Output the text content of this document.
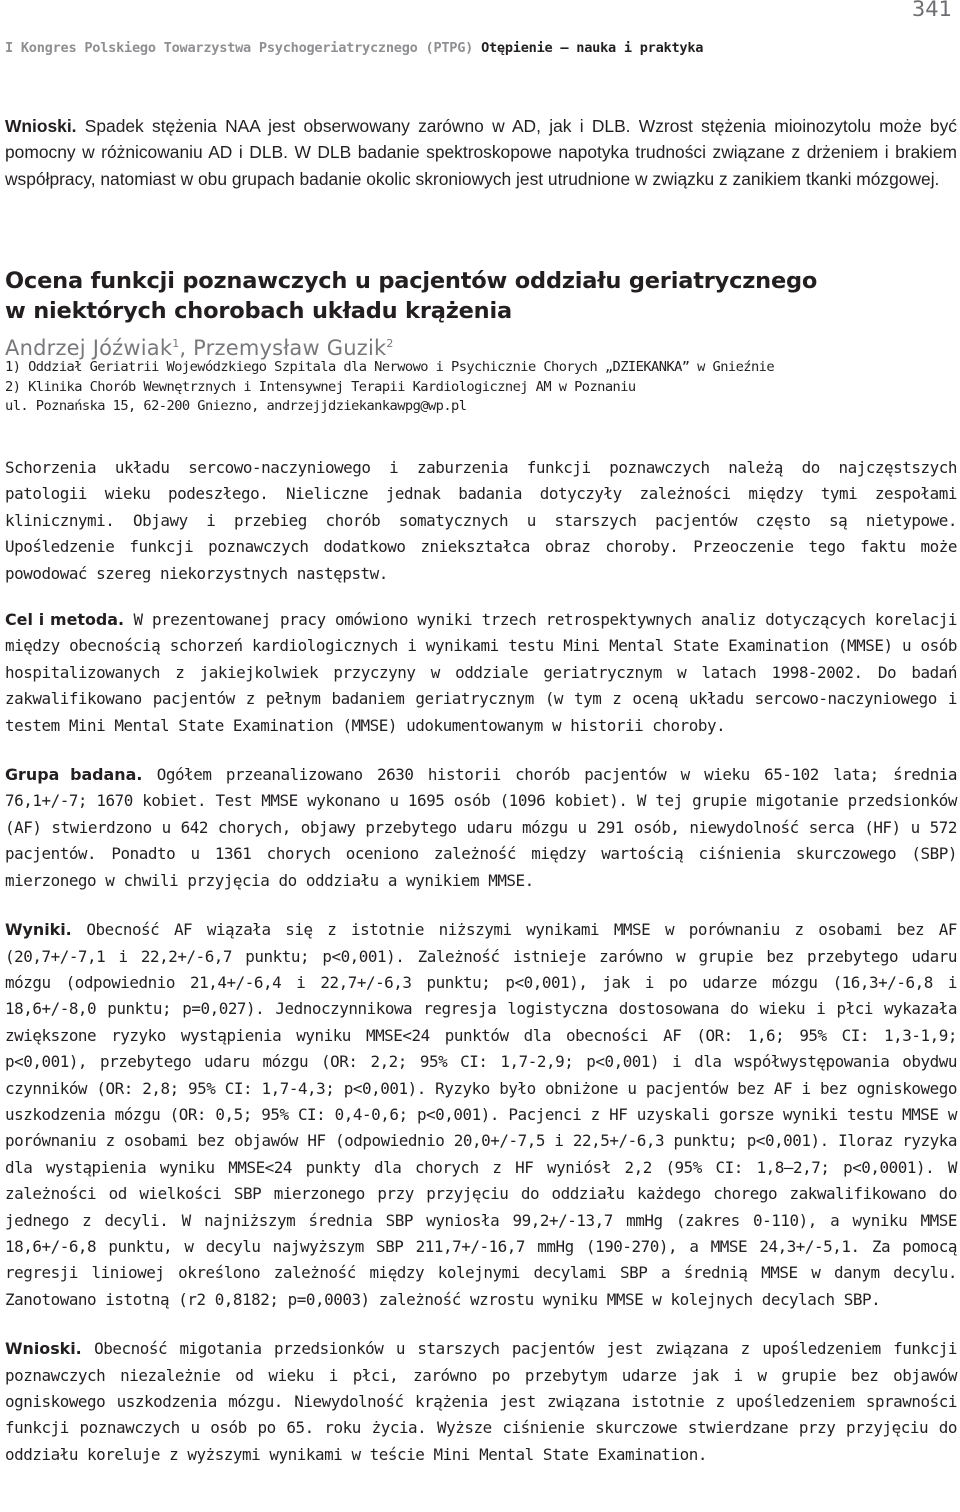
341
I Kongres Polskiego Towarzystwa Psychogeriatrycznego (PTPG) Otępienie – nauka i praktyka
Wnioski. Spadek stężenia NAA jest obserwowany zarówno w AD, jak i DLB. Wzrost stężenia mioinozytolu może być pomocny w różnicowaniu AD i DLB. W DLB badanie spektroskopowe napotyka trudności związane z drżeniem i brakiem współpracy, natomiast w obu grupach badanie okolic skroniowych jest utrudnione w związku z zanikiem tkanki mózgowej.
Ocena funkcji poznawczych u pacjentów oddziału geriatrycznego
w niektórych chorobach układu krążenia
Andrzej Jóźwiak$^1$, Przemysław Guzik$^2$
1) Oddział Geriatrii Wojewódzkiego Szpitala dla Nerwowo i Psychicznie Chorych „DZIEKANKA” w Gnieźnie
2) Klinika Chorób Wewnętrznych i Intensywnej Terapii Kardiologicznej AM w Poznaniu
ul. Poznańska 15, 62-200 Gniezno, andrzejjdziekankawpg@wp.pl

Schorzenia układu sercowo-naczyniowego i zaburzenia funkcji poznawczych należą do najczęstszych patologii wieku podeszłego. Nieliczne jednak badania dotyczyły zależności między tymi zespołami klinicznymi. Objawy i przebieg chorób somatycznych u starszych pacjentów często są nietypowe. Upośledzenie funkcji poznawczych dodatkowo zniekształca obraz choroby. Przeoczenie tego faktu może powodować szereg niekorzystnych następstw.

Cel i metoda. W prezentowanej pracy omówiono wyniki trzech retrospektywnych analiz dotyczących korelacji między obecnością schorzeń kardiologicznych i wynikami testu Mini Mental State Examination (MMSE) u osób hospitalizowanych z jakiejkolwiek przyczyny w oddziale geriatrycznym w latach 1998-2002. Do badań zakwalifikowano pacjentów z pełnym badaniem geriatrycznym (w tym z oceną układu sercowo-naczyniowego i testem Mini Mental State Examination (MMSE) udokumentowanym w historii choroby.

Grupa badana. Ogółem przeanalizowano 2630 historii chorób pacjentów w wieku 65-102 lata; średnia 76,1+/-7; 1670 kobiet. Test MMSE wykonano u 1695 osób (1096 kobiet). W tej grupie migotanie przedsionków (AF) stwierdzono u 642 chorych, objawy przebytego udaru mózgu u 291 osób, niewydolność serca (HF) u 572 pacjentów. Ponadto u 1361 chorych oceniono zależność między wartością ciśnienia skurczowego (SBP) mierzonego w chwili przyjęcia do oddziału a wynikiem MMSE.

Wyniki. Obecność AF wiązała się z istotnie niższymi wynikami MMSE w porównaniu z osobami bez AF (20,7+/-7,1 i 22,2+/-6,7 punktu; p<0,001). Zależność istnieje zarówno w grupie bez przebytego udaru mózgu (odpowiednio 21,4+/-6,4 i 22,7+/-6,3 punktu; p<0,001), jak i po udarze mózgu (16,3+/-6,8 i 18,6+/-8,0 punktu; p=0,027). Jednoczynnikowa regresja logistyczna dostosowana do wieku i płci wykazała zwiększone ryzyko wystąpienia wyniku MMSE<24 punktów dla obecności AF (OR: 1,6; 95% CI: 1,3-1,9; p<0,001), przebytego udaru mózgu (OR: 2,2; 95% CI: 1,7-2,9; p<0,001) i dla współwystępowania obydwu czynników (OR: 2,8; 95% CI: 1,7-4,3; p<0,001). Ryzyko było obniżone u pacjentów bez AF i bez ogniskowego uszkodzenia mózgu (OR: 0,5; 95% CI: 0,4-0,6; p<0,001). Pacjenci z HF uzyskali gorsze wyniki testu MMSE w porównaniu z osobami bez objawów HF (odpowiednio 20,0+/-7,5 i 22,5+/-6,3 punktu; p<0,001). Iloraz ryzyka dla wystąpienia wyniku MMSE<24 punkty dla chorych z HF wyniósł 2,2 (95% CI: 1,8–2,7; p<0,0001). W zależności od wielkości SBP mierzonego przy przyjęciu do oddziału każdego chorego zakwalifikowano do jednego z decyli. W najniższym średnia SBP wyniosła 99,2+/-13,7 mmHg (zakres 0-110), a wyniku MMSE 18,6+/-6,8 punktu, w decylu najwyższym SBP 211,7+/-16,7 mmHg (190-270), a MMSE 24,3+/-5,1. Za pomocą regresji liniowej określono zależność między kolejnymi decylami SBP a średnią MMSE w danym decylu. Zanotowano istotną (r2 0,8182; p=0,0003) zależność wzrostu wyniku MMSE w kolejnych decylach SBP.

Wnioski. Obecność migotania przedsionków u starszych pacjentów jest związana z upośledzeniem funkcji poznawczych niezależnie od wieku i płci, zarówno po przebytym udarze jak i w grupie bez objawów ogniskowego uszkodzenia mózgu. Niewydolność krążenia jest związana istotnie z upośledzeniem sprawności funkcji poznawczych u osób po 65. roku życia. Wyższe ciśnienie skurczowe stwierdzane przy przyjęciu do oddziału koreluje z wyższymi wynikami w teście Mini Mental State Examination.
